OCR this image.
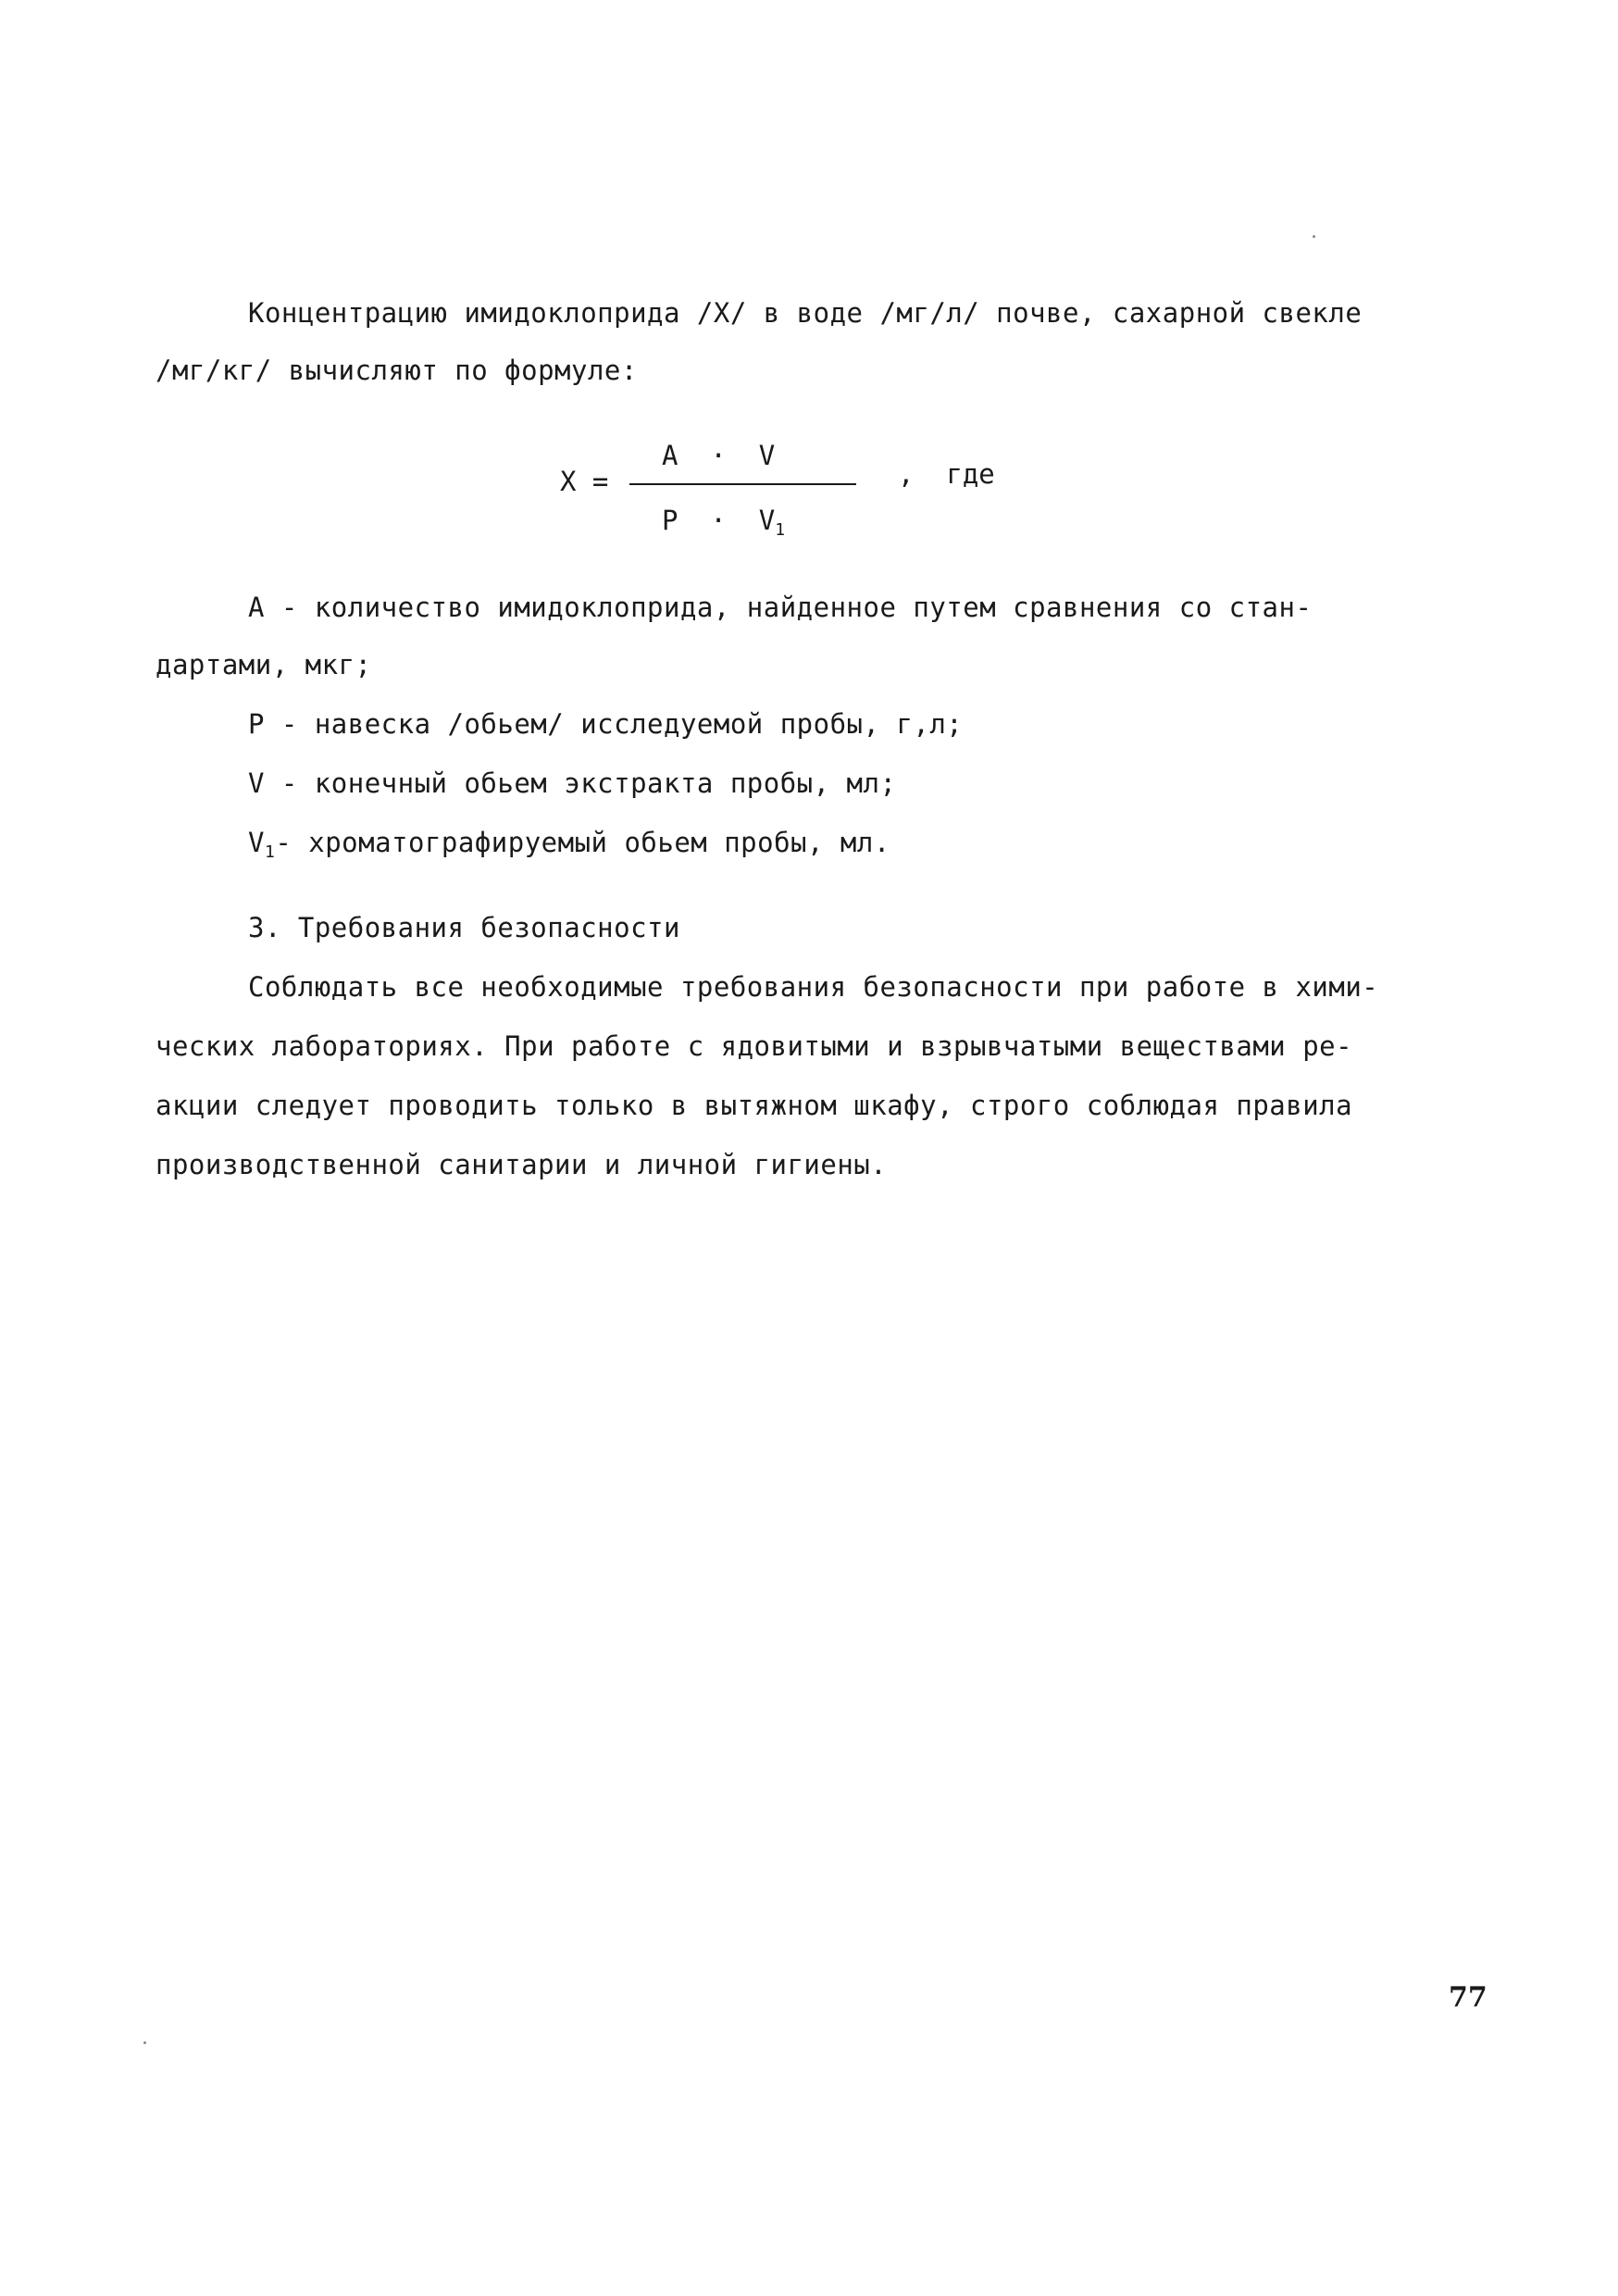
Концентрацию имидоклоприда /Х/ в воде /мг/л/ почве, сахарной свекле
/мг/кг/ вычисляют по формуле:
Х =
А  ·  V
$Р \cdot V_1$
,  где
А - количество имидоклоприда, найденное путем сравнения со стан-
дартами, мкг;
Р - навеска /обьем/ исследуемой пробы, г,л;
V - конечный обьем экстракта пробы, мл;
$V_1-$ хроматографируемый обьем пробы, мл.
3. Требования безопасности
Соблюдать все необходимые требования безопасности при работе в хими-
ческих лабораториях. При работе с ядовитыми и взрывчатыми веществами ре-
акции следует проводить только в вытяжном шкафу, строго соблюдая правила
производственной санитарии и личной гигиены.
77
